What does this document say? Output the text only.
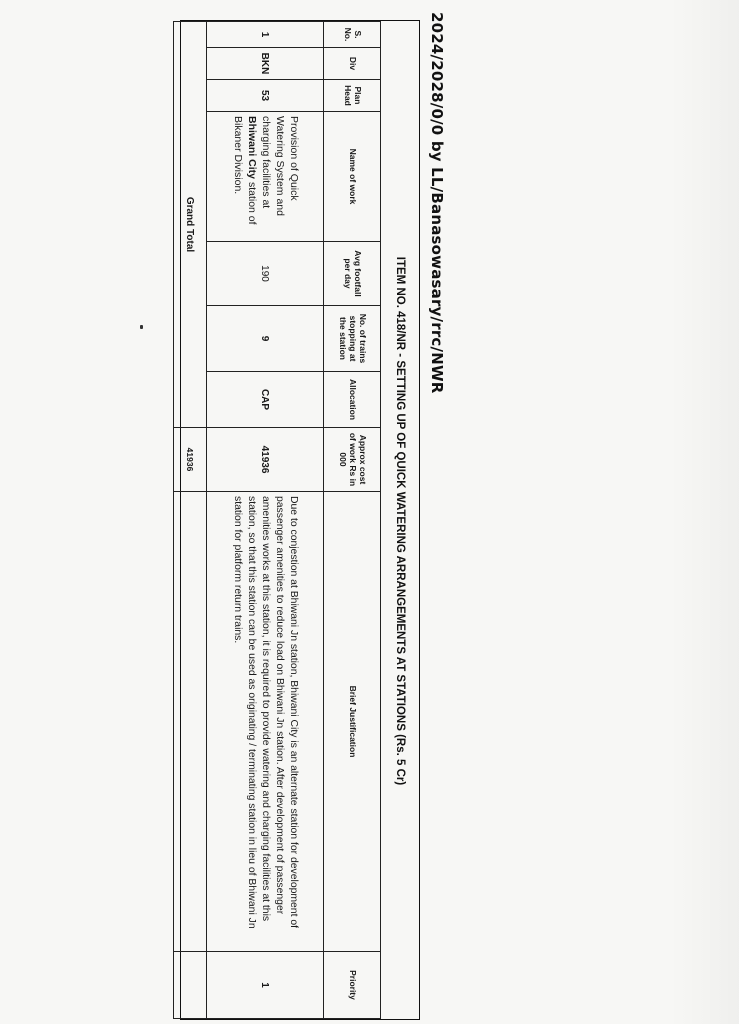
2024/2028/0/0 by LL/Banasowasary/rrc/NWR
ITEM NO. 418/NR - SETTING UP OF QUICK WATERING ARRANGEMENTS AT STATIONS (Rs. 5 Cr)
S. No.	Div	Plan Head	Name of work	Avg footfall per day	No. of trains stopping at the station	Allocation	Approx cost of work Rs in 000	Brief Justification	Priority
1	BKN	53	Provision of Quick Watering System and charging facilities at Bhiwani City station of Bikaner Division.	190	9	CAP	41936	Due to conjestion at Bhiwani Jn station, Bhiwani City is an alternate station for development of passenger amenities to reduce load on Bhiwani Jn station. After development of passenger amenities works at this station, it is required to provide watering and charging facilities at this station, so that this station can be used as originating / terminating station in lieu of Bhiwani Jn station for platform return trains.	1
Grand Total							41936		
